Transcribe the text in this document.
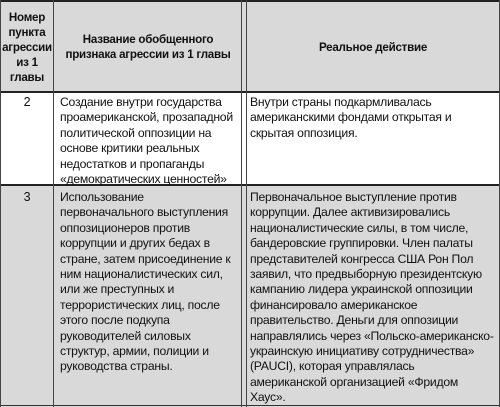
Номер пункта агрессии из 1 главы
Название обобщенного признака агрессии из 1 главы
Реальное действие
2	Создание внутри государства проамериканской, прозападной политической оппозиции на основе критики реальных недостатков и пропаганды «демократических ценностей»
Внутри страны подкармливалась американскими фондами открытая и скрытая оппозиция.
3	Использование первоначального выступления оппозиционеров против коррупции и других бедах в стране, затем присоединение к ним националистических сил, или же преступных и террористических лиц, после этого после подкупа руководителей силовых структур, армии, полиции и руководства страны.
Первоначальное выступление против коррупции. Далее активизировались националистические силы, в том числе, бандеровские группировки. Член палаты представителей конгресса США Рон Пол заявил, что предвыборную президентскую кампанию лидера украинской оппозиции финансировало американское правительство. Деньги для оппозиции направлялись через «Польско-американско-украинскую инициативу сотрудничества» (PAUCI), которая управлялась американской организацией «Фридом Хаус».
